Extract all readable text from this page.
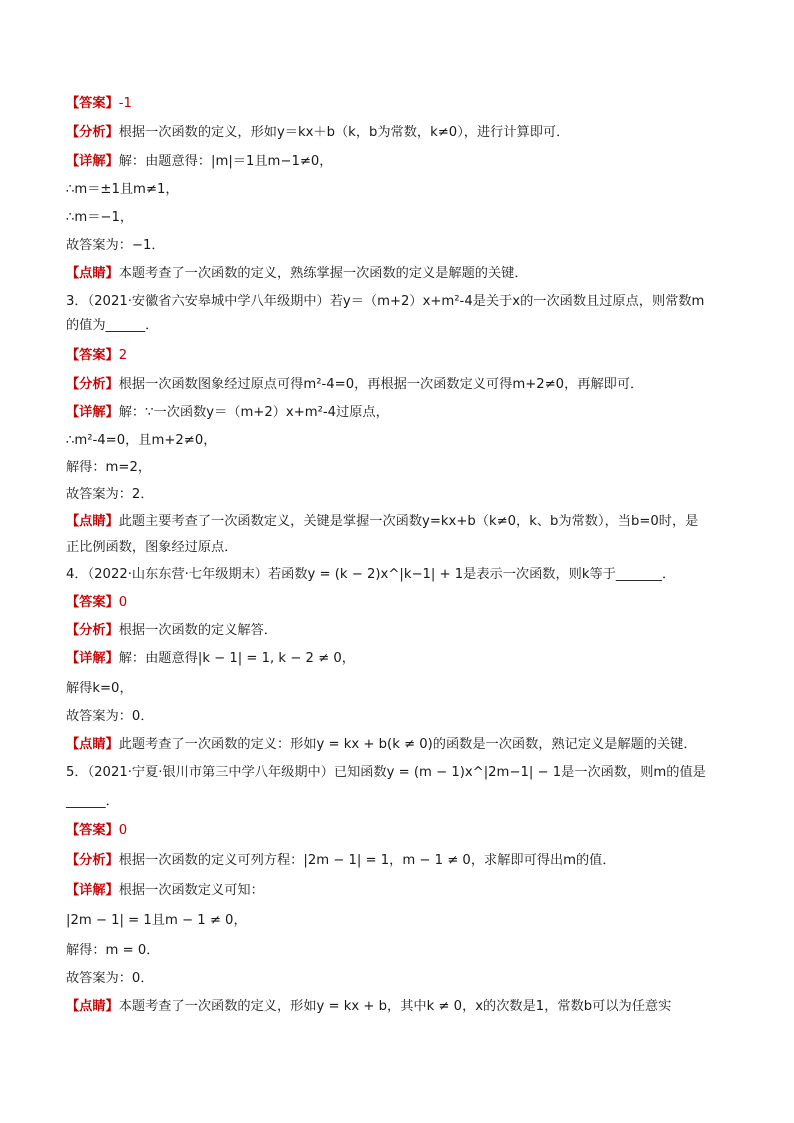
【答案】-1
【分析】根据一次函数的定义，形如y＝kx＋b（k，b为常数，k≠0），进行计算即可．
【详解】解：由题意得：|m|＝1且m−1≠0，
∴m＝±1且m≠1，
∴m＝−1，
故答案为：−1．
【点睛】本题考查了一次函数的定义，熟练掌握一次函数的定义是解题的关键．
3．（2021·安徽省六安皋城中学八年级期中）若y＝（m+2）x+m²-4是关于x的一次函数且过原点，则常数m
的值为______．
【答案】2
【分析】根据一次函数图象经过原点可得m²-4=0，再根据一次函数定义可得m+2≠0，再解即可．
【详解】解：∵一次函数y＝（m+2）x+m²-4过原点，
∴m²-4=0，且m+2≠0，
解得：m=2，
故答案为：2．
【点睛】此题主要考查了一次函数定义，关键是掌握一次函数y=kx+b（k≠0，k、b为常数），当b=0时，是
正比例函数，图象经过原点．
4．（2022·山东东营·七年级期末）若函数y = (k − 2)x^|k−1| + 1是表示一次函数，则k等于_______．
【答案】0
【分析】根据一次函数的定义解答．
【详解】解：由题意得|k − 1| = 1, k − 2 ≠ 0，
解得k=0，
故答案为：0．
【点睛】此题考查了一次函数的定义：形如y = kx + b(k ≠ 0)的函数是一次函数，熟记定义是解题的关键．
5．（2021·宁夏·银川市第三中学八年级期中）已知函数y = (m − 1)x^|2m−1| − 1是一次函数，则m的值是
______．
【答案】0
【分析】根据一次函数的定义可列方程：|2m − 1| = 1，m − 1 ≠ 0，求解即可得出m的值．
【详解】根据一次函数定义可知：
|2m − 1| = 1且m − 1 ≠ 0，
解得：m = 0．
故答案为：0．
【点睛】本题考查了一次函数的定义，形如y = kx + b，其中k ≠ 0，x的次数是1，常数b可以为任意实
